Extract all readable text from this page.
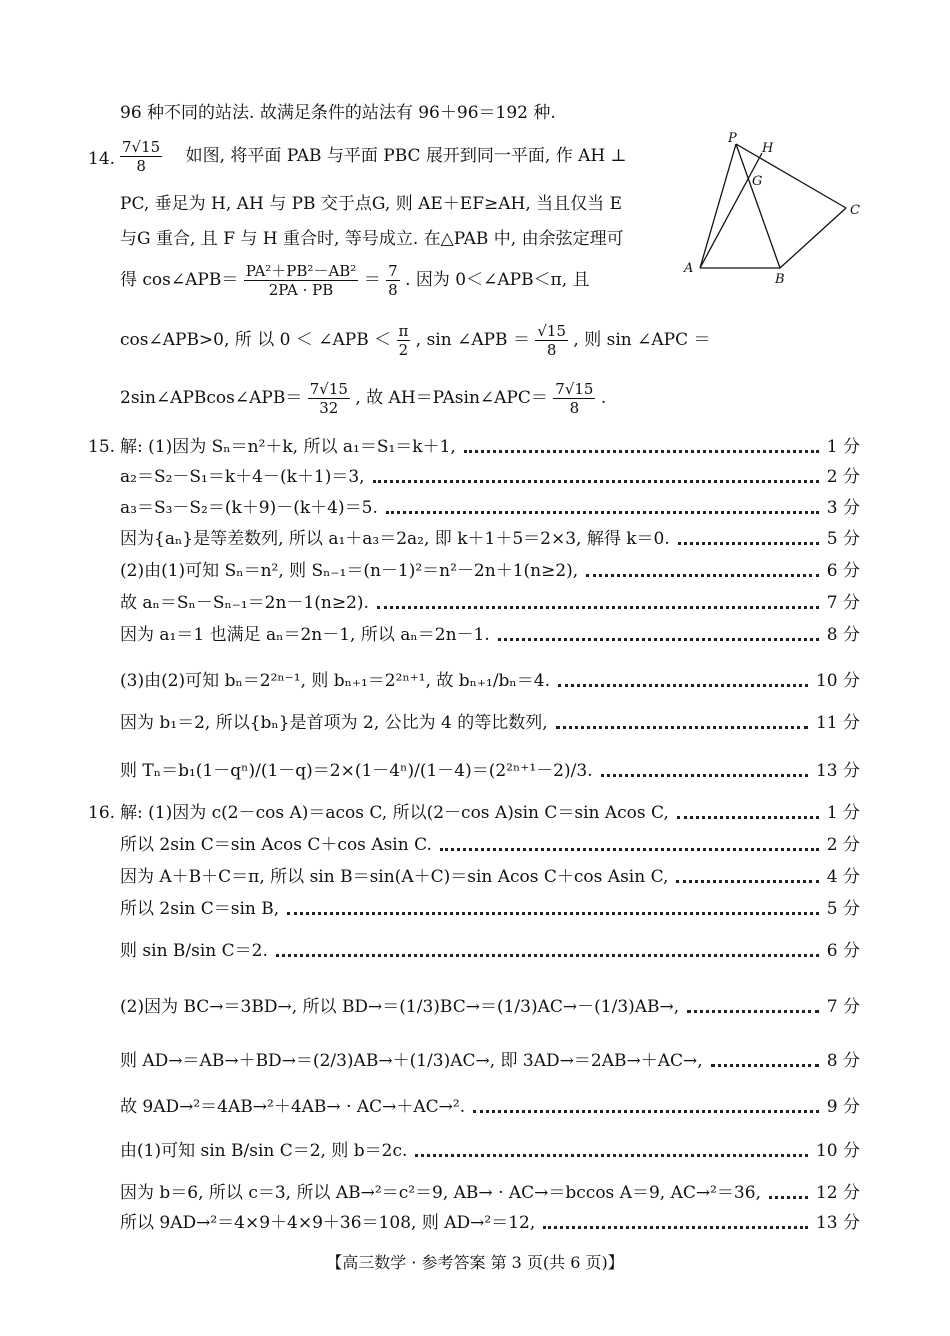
96 种不同的站法. 故满足条件的站法有 96＋96＝192 种.
14. $\frac{7√15}{8}$ 如图, 将平面 PAB 与平面 PBC 展开到同一平面, 作 AH ⊥
PC, 垂足为 H, AH 与 PB 交于点G, 则 AE＋EF≥AH, 当且仅当 E
与G 重合, 且 F 与 H 重合时, 等号成立. 在△PAB 中, 由余弦定理可
得 cos∠APB＝ $\frac{\text{PA²＋PB²－AB²}}{2PA \cdot PB} = \frac{7}{8}$ . 因为 0＜∠APB＜π, 且
cos∠APB>0, 所 以 0 ＜ ∠APB ＜ $\frac{\pi}{2}$ , sin ∠APB ＝ $\frac{√15}{8}$ , 则 sin ∠APC ＝
2sin∠APBcos∠APB＝ $\frac{7√15}{32}$ , 故 AH＝PAsin∠APC＝ $\frac{7√15}{8}$ .
P
H
G
C
A
B
15. 解: (1)因为 Sₙ＝n²＋k, 所以 a₁＝S₁＝k＋1,	1 分
a₂＝S₂－S₁＝k＋4－(k＋1)＝3,	2 分
a₃＝S₃－S₂＝(k＋9)－(k＋4)＝5.	3 分
因为{aₙ}是等差数列, 所以 a₁＋a₃＝2a₂, 即 k＋1＋5＝2×3, 解得 k＝0.	5 分
(2)由(1)可知 Sₙ＝n², 则 Sₙ₋₁＝(n－1)²＝n²－2n＋1(n≥2),	6 分
故 aₙ＝Sₙ－Sₙ₋₁＝2n－1(n≥2).	7 分
因为 a₁＝1 也满足 aₙ＝2n－1, 所以 aₙ＝2n－1.	8 分
(3)由(2)可知 bₙ＝2²ⁿ⁻¹, 则 bₙ₊₁＝2²ⁿ⁺¹, 故 bₙ₊₁/bₙ＝4.	10 分
因为 b₁＝2, 所以{bₙ}是首项为 2, 公比为 4 的等比数列,	11 分
则 Tₙ＝b₁(1－qⁿ)/(1－q)＝2×(1－4ⁿ)/(1－4)＝(2²ⁿ⁺¹－2)/3.	13 分
16. 解: (1)因为 c(2－cos A)＝acos C, 所以(2－cos A)sin C＝sin Acos C,	1 分
所以 2sin C＝sin Acos C＋cos Asin C.	2 分
因为 A＋B＋C＝π, 所以 sin B＝sin(A＋C)＝sin Acos C＋cos Asin C,	4 分
所以 2sin C＝sin B,	5 分
则 sin B/sin C＝2.	6 分
(2)因为 BC→＝3BD→, 所以 BD→＝(1/3)BC→＝(1/3)AC→－(1/3)AB→,	7 分
则 AD→＝AB→＋BD→＝(2/3)AB→＋(1/3)AC→, 即 3AD→＝2AB→＋AC→,	8 分
故 9AD→²＝4AB→²＋4AB→ · AC→＋AC→².	9 分
由(1)可知 sin B/sin C＝2, 则 b＝2c.	10 分
因为 b＝6, 所以 c＝3, 所以 AB→²＝c²＝9, AB→ · AC→＝bccos A＝9, AC→²＝36,	12 分
所以 9AD→²＝4×9＋4×9＋36＝108, 则 AD→²＝12,	13 分
【高三数学 · 参考答案 第 3 页(共 6 页)】
